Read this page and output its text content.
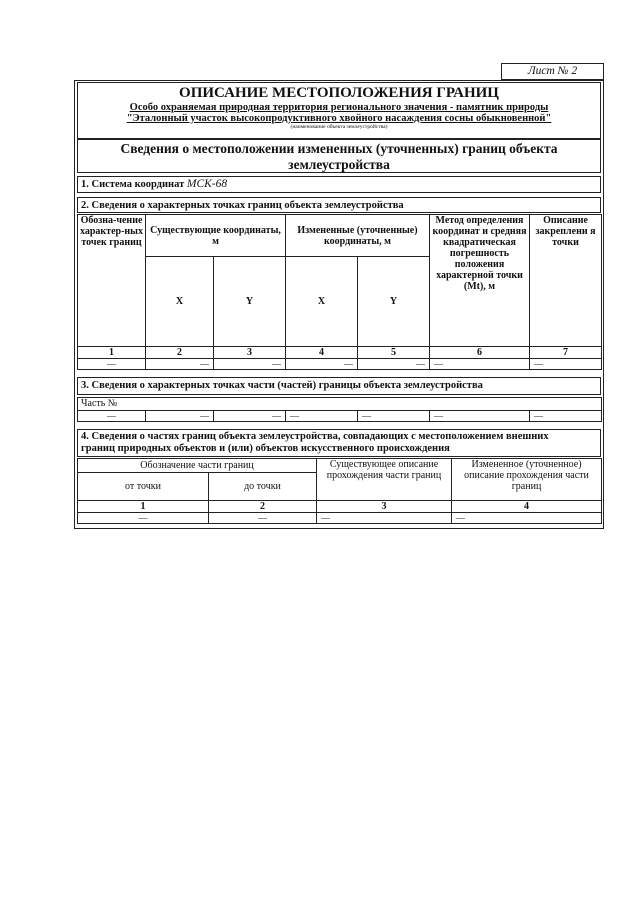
Лист № 2
ОПИСАНИЕ МЕСТОПОЛОЖЕНИЯ ГРАНИЦ
Особо охраняемая природная территория регионального значения - памятник природы
"Эталонный участок высокопродуктивного хвойного насаждения сосны обыкновенной"
(наименование объекта землеустройства)
Сведения о местоположении измененных (уточненных) границ объекта
землеустройства
1. Система координат МСК-68
2. Сведения о характерных точках границ объекта землеустройства
Обозна-чение характер-ных точек границ	Существующие координаты, м		Измененные (уточненные) координаты, м		Метод определения координат и средняя квадратическая погрешность положения характерной точки (Mt), м	Описание закреплени я точки
	X	Y	X	Y		
1	2	3	4	5	6	7
—	—	—	—	—	—	—
3. Сведения о характерных точках части (частей) границы объекта землеустройства
Часть №
—	—	—	—	—	—	—
4. Сведения о частях границ объекта землеустройства, совпадающих с местоположением внешних
границ природных объектов и (или) объектов искусственного происхождения
Обозначение части границ		Существующее описание прохождения части границ	Измененное (уточненное) описание прохождения части границ
от точки	до точки		
1	2	3	4
—	—	—	—
